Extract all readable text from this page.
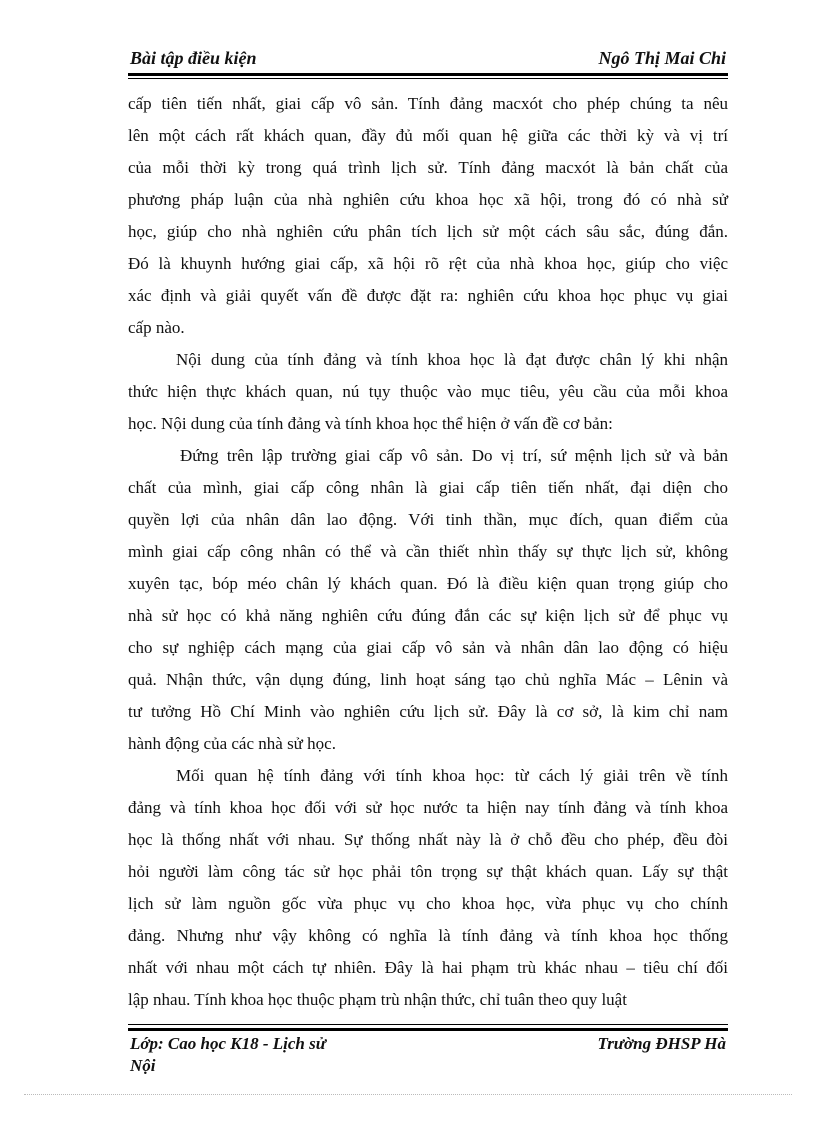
Bài tập điều kiện	Ngô Thị Mai Chi
cấp tiên tiến nhất, giai cấp vô sản. Tính đảng macxót cho phép chúng ta nêu
lên một cách rất khách quan, đầy đủ mối quan hệ giữa các thời kỳ và vị trí
của mỗi thời kỳ trong quá trình lịch sử. Tính đảng macxót là bản chất của
phương pháp luận của nhà nghiên cứu khoa học xã hội, trong đó có nhà sử
học, giúp cho nhà nghiên cứu phân tích lịch sử một cách sâu sắc, đúng đắn.
Đó là khuynh hướng giai cấp, xã hội rõ rệt của nhà khoa học, giúp cho việc
xác định và giải quyết vấn đề được đặt ra: nghiên cứu khoa học phục vụ giai
cấp nào.
Nội dung của tính đảng và tính khoa học là đạt được chân lý khi nhận
thức hiện thực khách quan, nú tụy thuộc vào mục tiêu, yêu cầu của mỗi khoa
học. Nội dung của tính đảng và tính khoa học thể hiện ở vấn đề cơ bản:
Đứng trên lập trường giai cấp vô sản. Do vị trí, sứ mệnh lịch sử và bản
chất của mình, giai cấp công nhân là giai cấp tiên tiến nhất, đại diện cho
quyền lợi của nhân dân lao động. Với tinh thần, mục đích, quan điểm của
mình giai cấp công nhân có thể và cần thiết nhìn thấy sự thực lịch sử, không
xuyên tạc, bóp méo chân lý khách quan. Đó là điều kiện quan trọng giúp cho
nhà sử học có khả năng nghiên cứu đúng đắn các sự kiện lịch sử để phục vụ
cho sự nghiệp cách mạng của giai cấp vô sản và nhân dân lao động có hiệu
quả. Nhận thức, vận dụng đúng, linh hoạt sáng tạo chủ nghĩa Mác – Lênin và
tư tưởng Hồ Chí Minh vào nghiên cứu lịch sử. Đây là cơ sở, là kim chỉ nam
hành động của các nhà sử học.
Mối quan hệ tính đảng với tính khoa học: từ cách lý giải trên về tính
đảng và tính khoa học đối với sử học nước ta hiện nay tính đảng và tính khoa
học là thống nhất với nhau. Sự thống nhất này là ở chỗ đều cho phép, đều đòi
hỏi người làm công tác sử học phải tôn trọng sự thật khách quan. Lấy sự thật
lịch sử làm nguồn gốc vừa phục vụ cho khoa học, vừa phục vụ cho chính
đảng. Nhưng như vậy không có nghĩa là tính đảng và tính khoa học thống
nhất với nhau một cách tự nhiên. Đây là hai phạm trù khác nhau – tiêu chí đối
lập nhau. Tính khoa học thuộc phạm trù nhận thức, chỉ tuân theo quy luật
Lớp: Cao học K18 - Lịch sử	Trường ĐHSP Hà
Nội
